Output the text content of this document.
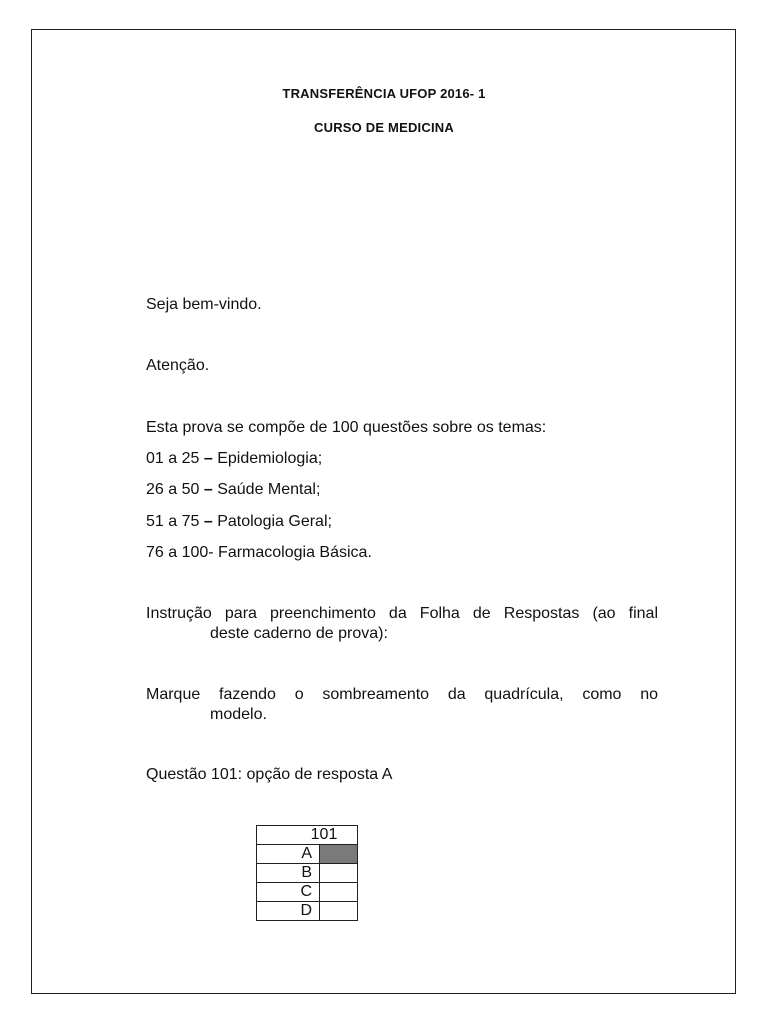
TRANSFERÊNCIA UFOP 2016- 1
CURSO DE MEDICINA
Seja bem-vindo.
Atenção.
Esta prova se compõe de 100 questões sobre os temas:
01 a 25 – Epidemiologia;
26 a 50 – Saúde Mental;
51 a 75 – Patologia Geral;
76 a 100- Farmacologia Básica.
Instrução para preenchimento da Folha de Respostas (ao final
deste caderno de prova):
Marque fazendo o sombreamento da quadrícula, como no
modelo.
Questão 101: opção de resposta A
101	
A	
B	
C	
D	
